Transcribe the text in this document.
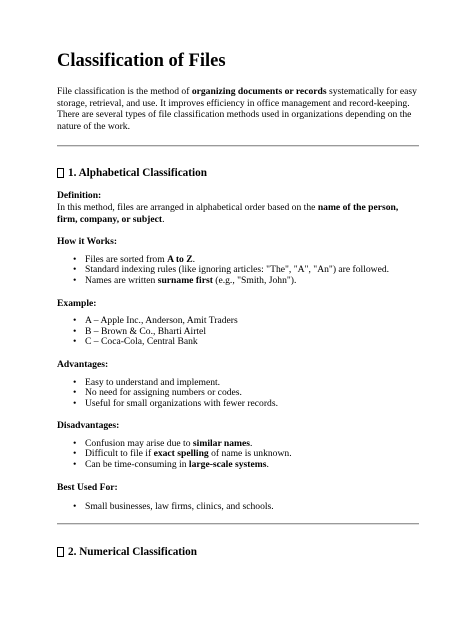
Classification of Files

File classification is the method of organizing documents or records systematically for easy storage, retrieval, and use. It improves efficiency in office management and record-keeping. There are several types of file classification methods used in organizations depending on the nature of the work.

1. Alphabetical Classification

Definition:

In this method, files are arranged in alphabetical order based on the name of the person, firm, company, or subject.

How it Works:

• Files are sorted from A to Z.
• Standard indexing rules (like ignoring articles: "The", "A", "An") are followed.
• Names are written surname first (e.g., "Smith, John").

Example:

• A – Apple Inc., Anderson, Amit Traders
• B – Brown & Co., Bharti Airtel
• C – Coca-Cola, Central Bank

Advantages:

• Easy to understand and implement.
• No need for assigning numbers or codes.
• Useful for small organizations with fewer records.

Disadvantages:

• Confusion may arise due to similar names.
• Difficult to file if exact spelling of name is unknown.
• Can be time-consuming in large-scale systems.

Best Used For:

• Small businesses, law firms, clinics, and schools.
2. Numerical Classification
